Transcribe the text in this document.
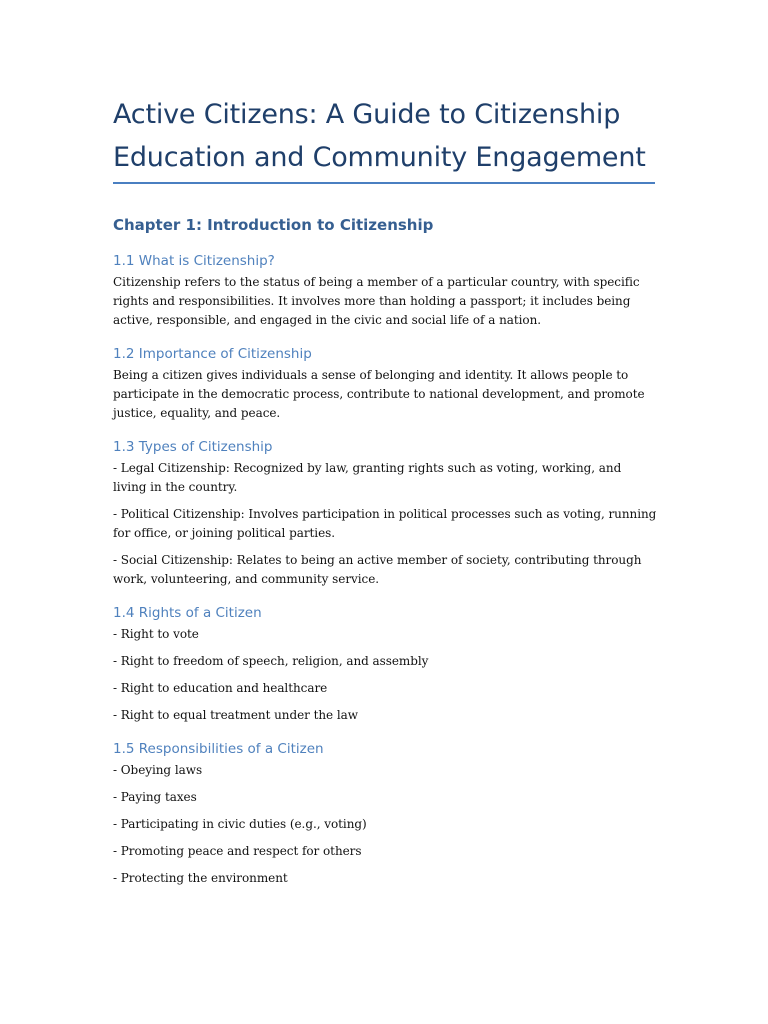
Active Citizens: A Guide to Citizenship
Education and Community Engagement
Chapter 1: Introduction to Citizenship
1.1 What is Citizenship?

Citizenship refers to the status of being a member of a particular country, with specific rights and responsibilities. It involves more than holding a passport; it includes being active, responsible, and engaged in the civic and social life of a nation.

1.2 Importance of Citizenship

Being a citizen gives individuals a sense of belonging and identity. It allows people to participate in the democratic process, contribute to national development, and promote justice, equality, and peace.

1.3 Types of Citizenship

- Legal Citizenship: Recognized by law, granting rights such as voting, working, and living in the country.

- Political Citizenship: Involves participation in political processes such as voting, running for office, or joining political parties.

- Social Citizenship: Relates to being an active member of society, contributing through work, volunteering, and community service.

1.4 Rights of a Citizen

- Right to vote

- Right to freedom of speech, religion, and assembly

- Right to education and healthcare

- Right to equal treatment under the law

1.5 Responsibilities of a Citizen

- Obeying laws

- Paying taxes

- Participating in civic duties (e.g., voting)

- Promoting peace and respect for others

- Protecting the environment
